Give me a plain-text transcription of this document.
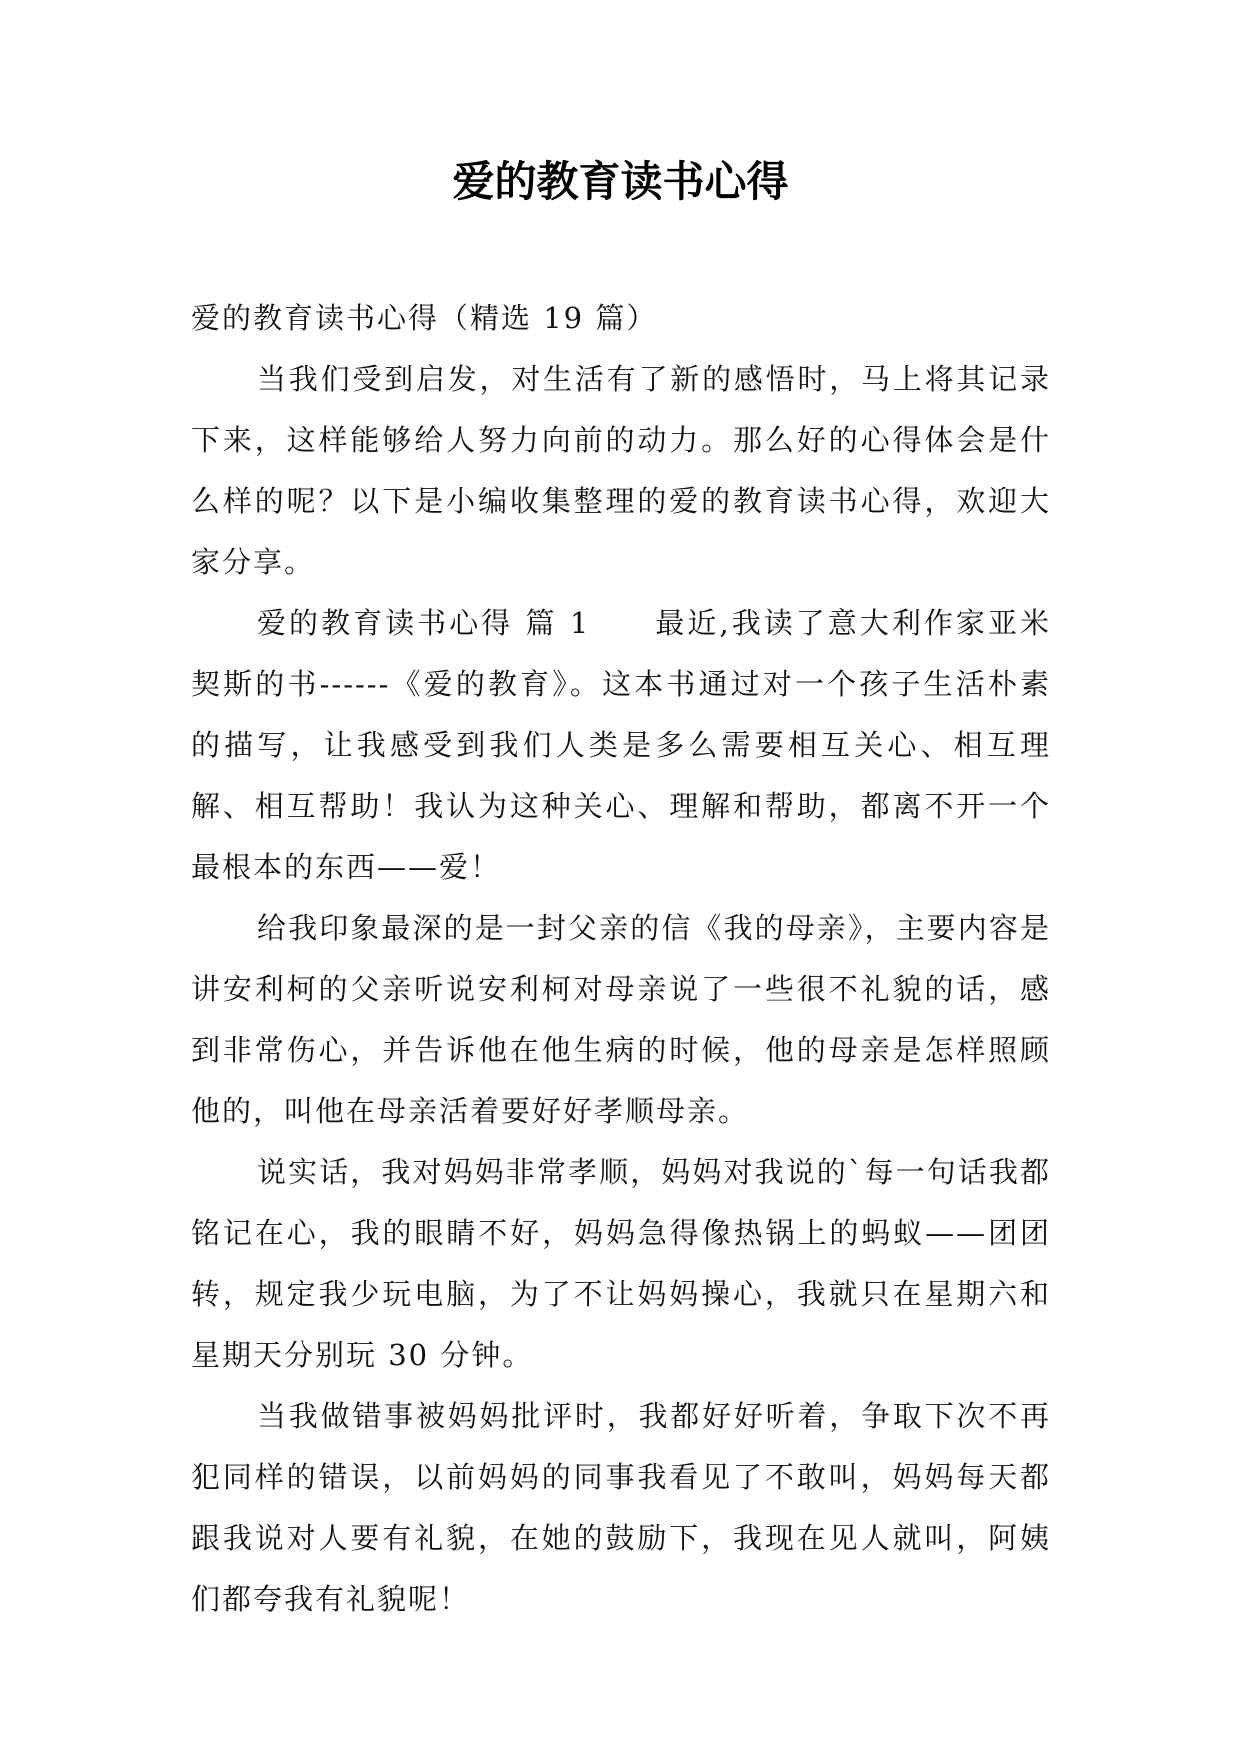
爱的教育读书心得

爱的教育读书心得（精选 19 篇）

当我们受到启发，对生活有了新的感悟时，马上将其记录下来，这样能够给人努力向前的动力。那么好的心得体会是什么样的呢？以下是小编收集整理的爱的教育读书心得，欢迎大家分享。

爱的教育读书心得 篇 1　　最近,我读了意大利作家亚米契斯的书------《爱的教育》。这本书通过对一个孩子生活朴素的描写，让我感受到我们人类是多么需要相互关心、相互理解、相互帮助！我认为这种关心、理解和帮助，都离不开一个最根本的东西——爱！

给我印象最深的是一封父亲的信《我的母亲》，主要内容是讲安利柯的父亲听说安利柯对母亲说了一些很不礼貌的话，感到非常伤心，并告诉他在他生病的时候，他的母亲是怎样照顾他的，叫他在母亲活着要好好孝顺母亲。

说实话，我对妈妈非常孝顺，妈妈对我说的`每一句话我都铭记在心，我的眼睛不好，妈妈急得像热锅上的蚂蚁——团团转，规定我少玩电脑，为了不让妈妈操心，我就只在星期六和星期天分别玩 30 分钟。

当我做错事被妈妈批评时，我都好好听着，争取下次不再犯同样的错误，以前妈妈的同事我看见了不敢叫，妈妈每天都跟我说对人要有礼貌，在她的鼓励下，我现在见人就叫，阿姨们都夸我有礼貌呢！
